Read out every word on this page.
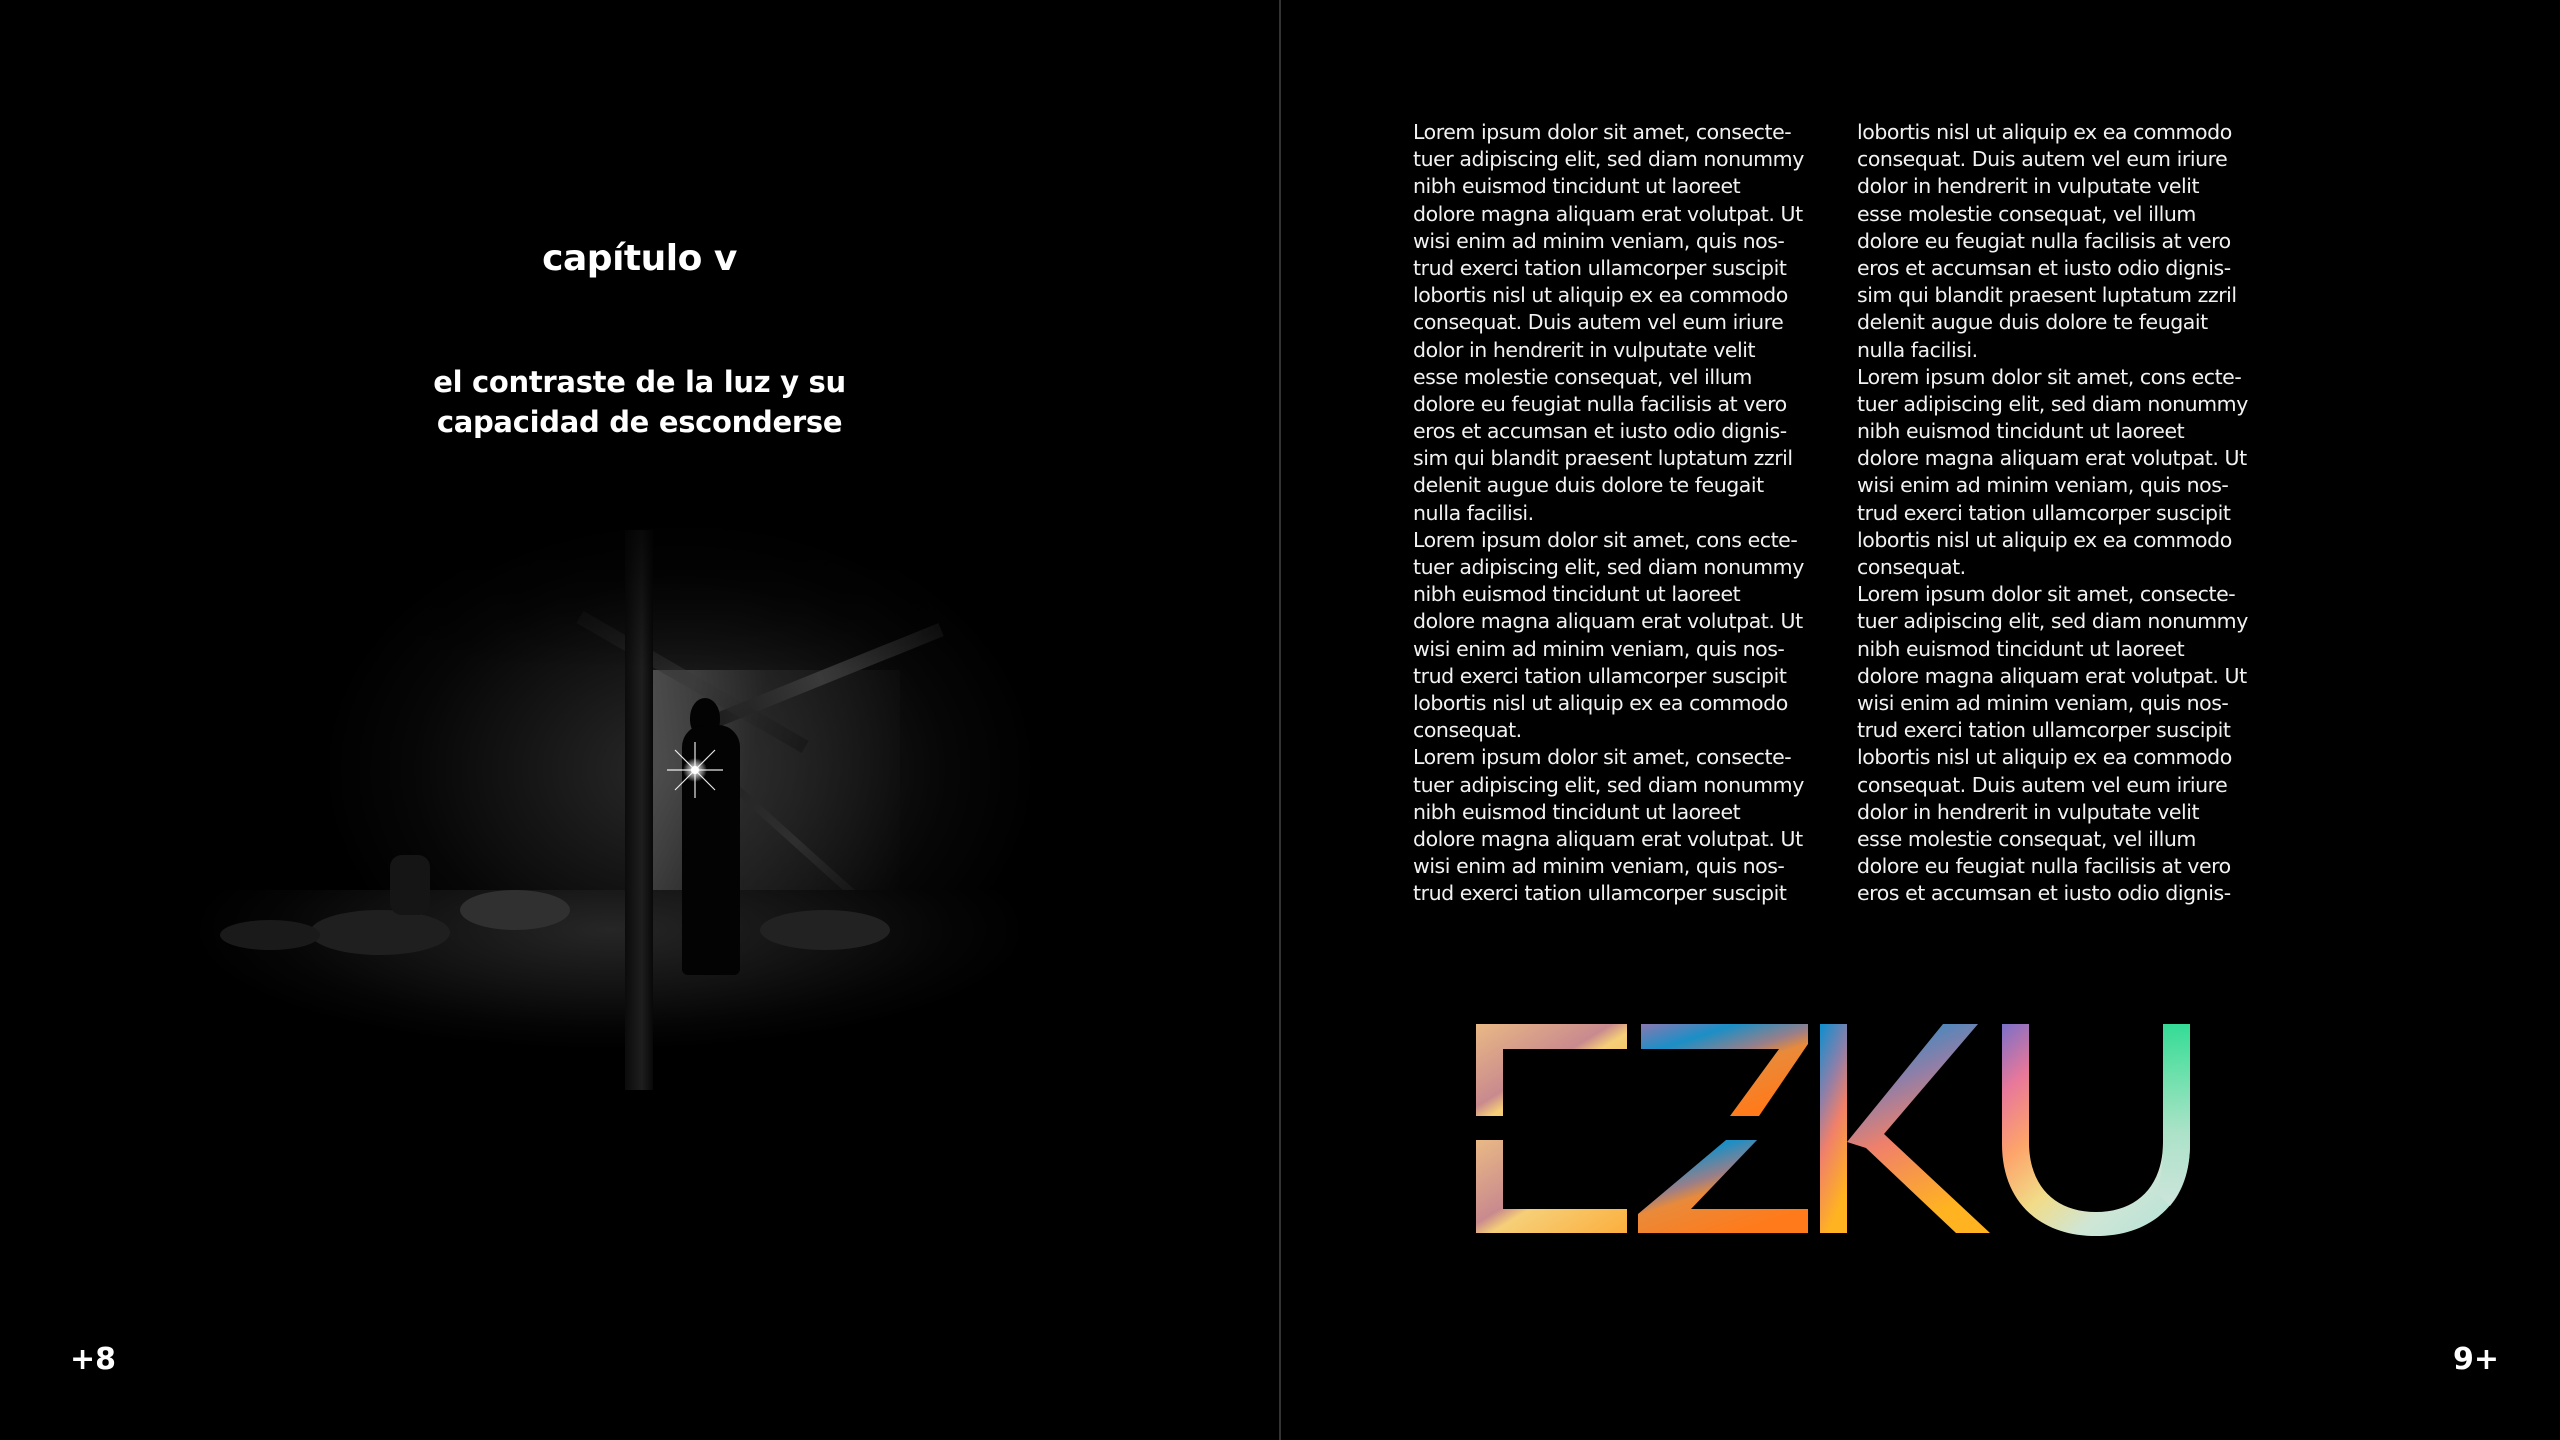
capítulo v
el contraste de la luz y su
capacidad de esconderse
+8
Lorem ipsum dolor sit amet, consecte-
tuer adipiscing elit, sed diam nonummy
nibh euismod tincidunt ut laoreet
dolore magna aliquam erat volutpat. Ut
wisi enim ad minim veniam, quis nos-
trud exerci tation ullamcorper suscipit
lobortis nisl ut aliquip ex ea commodo
consequat. Duis autem vel eum iriure
dolor in hendrerit in vulputate velit
esse molestie consequat, vel illum
dolore eu feugiat nulla facilisis at vero
eros et accumsan et iusto odio dignis-
sim qui blandit praesent luptatum zzril
delenit augue duis dolore te feugait
nulla facilisi.
Lorem ipsum dolor sit amet, cons ecte-
tuer adipiscing elit, sed diam nonummy
nibh euismod tincidunt ut laoreet
dolore magna aliquam erat volutpat. Ut
wisi enim ad minim veniam, quis nos-
trud exerci tation ullamcorper suscipit
lobortis nisl ut aliquip ex ea commodo
consequat.
Lorem ipsum dolor sit amet, consecte-
tuer adipiscing elit, sed diam nonummy
nibh euismod tincidunt ut laoreet
dolore magna aliquam erat volutpat. Ut
wisi enim ad minim veniam, quis nos-
trud exerci tation ullamcorper suscipit
lobortis nisl ut aliquip ex ea commodo
consequat. Duis autem vel eum iriure
dolor in hendrerit in vulputate velit
esse molestie consequat, vel illum
dolore eu feugiat nulla facilisis at vero
eros et accumsan et iusto odio dignis-
sim qui blandit praesent luptatum zzril
delenit augue duis dolore te feugait
nulla facilisi.
Lorem ipsum dolor sit amet, cons ecte-
tuer adipiscing elit, sed diam nonummy
nibh euismod tincidunt ut laoreet
dolore magna aliquam erat volutpat. Ut
wisi enim ad minim veniam, quis nos-
trud exerci tation ullamcorper suscipit
lobortis nisl ut aliquip ex ea commodo
consequat.
Lorem ipsum dolor sit amet, consecte-
tuer adipiscing elit, sed diam nonummy
nibh euismod tincidunt ut laoreet
dolore magna aliquam erat volutpat. Ut
wisi enim ad minim veniam, quis nos-
trud exerci tation ullamcorper suscipit
lobortis nisl ut aliquip ex ea commodo
consequat. Duis autem vel eum iriure
dolor in hendrerit in vulputate velit
esse molestie consequat, vel illum
dolore eu feugiat nulla facilisis at vero
eros et accumsan et iusto odio dignis-
9+
